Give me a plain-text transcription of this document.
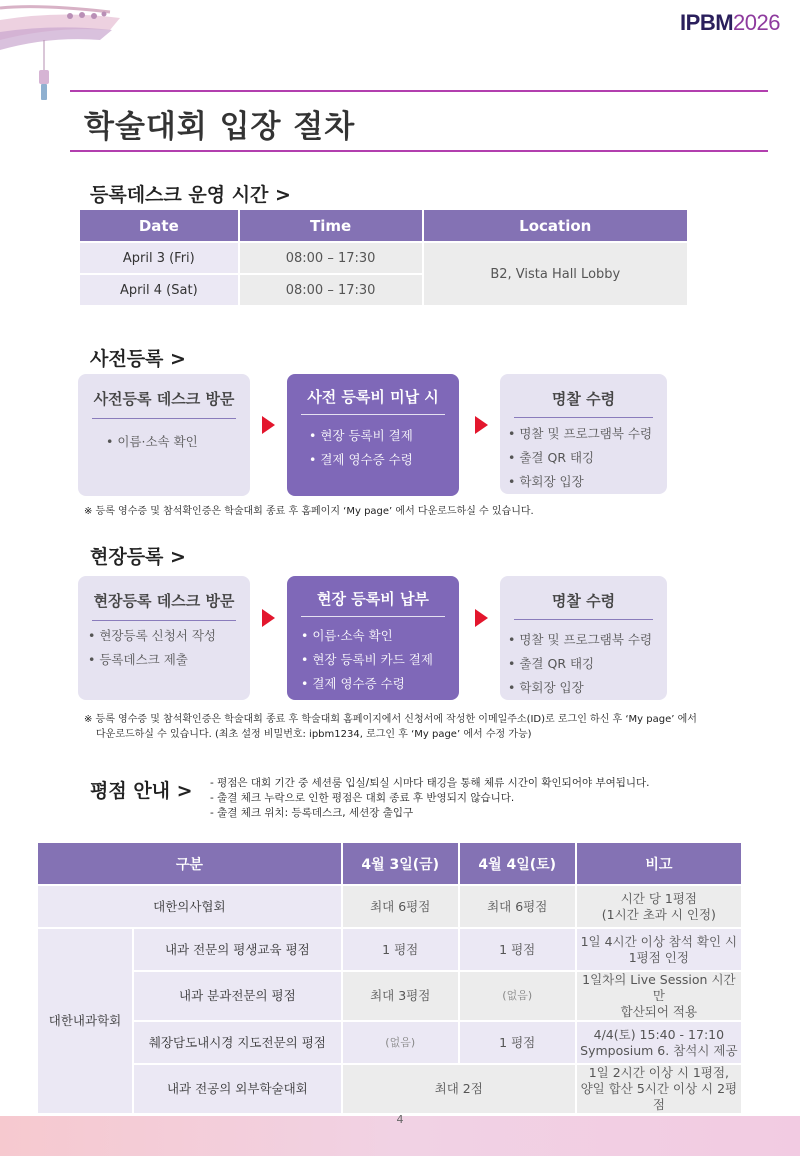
IPBM2026
학술대회 입장 절차
등록데스크 운영 시간 >
Date	Time	Location
April 3 (Fri)	08:00 – 17:30	B2, Vista Hall Lobby
April 4 (Sat)	08:00 – 17:30	
사전등록 >
사전등록 데스크 방문
• 이름·소속 확인
사전 등록비 미납 시
• 현장 등록비 결제
• 결제 영수증 수령
명찰 수령
• 명찰 및 프로그램북 수령
• 출결 QR 태깅
• 학회장 입장
※ 등록 영수증 및 참석확인증은 학술대회 종료 후 홈페이지 ‘My page’ 에서 다운로드하실 수 있습니다.
현장등록 >
현장등록 데스크 방문
• 현장등록 신청서 작성
• 등록데스크 제출
현장 등록비 납부
• 이름·소속 확인
• 현장 등록비 카드 결제
• 결제 영수증 수령
명찰 수령
• 명찰 및 프로그램북 수령
• 출결 QR 태깅
• 학회장 입장
※ 등록 영수증 및 참석확인증은 학술대회 종료 후 학술대회 홈페이지에서 신청서에 작성한 이메일주소(ID)로 로그인 하신 후 ‘My page’ 에서
다운로드하실 수 있습니다. (최초 설정 비밀번호: ipbm1234, 로그인 후 ‘My page’ 에서 수정 가능)
평점 안내 >	- 평점은 대회 기간 중 세션룸 입실/퇴실 시마다 태깅을 통해 체류 시간이 확인되어야 부여됩니다.
- 출결 체크 누락으로 인한 평점은 대회 종료 후 반영되지 않습니다.
- 출결 체크 위치: 등록데스크, 세션장 출입구
구분		4월 3일(금)	4월 4일(토)	비고
대한의사협회		최대 6평점	최대 6평점	시간 당 1평점
(1시간 초과 시 인정)

대한내과학회	내과 전문의 평생교육 평점	1 평점	1 평점	1일 4시간 이상 참석 확인 시
1평점 인정

	내과 분과전문의 평점	최대 3평점	(없음)	1일차의 Live Session 시간만
합산되어 적용

	췌장담도내시경 지도전문의 평점	(없음)	1 평점	4/4(토) 15:40 - 17:10
Symposium 6. 참석시 제공

	내과 전공의 외부학술대회	최대 2점		1일 2시간 이상 시 1평점,
양일 합산 5시간 이상 시 2평점
4
